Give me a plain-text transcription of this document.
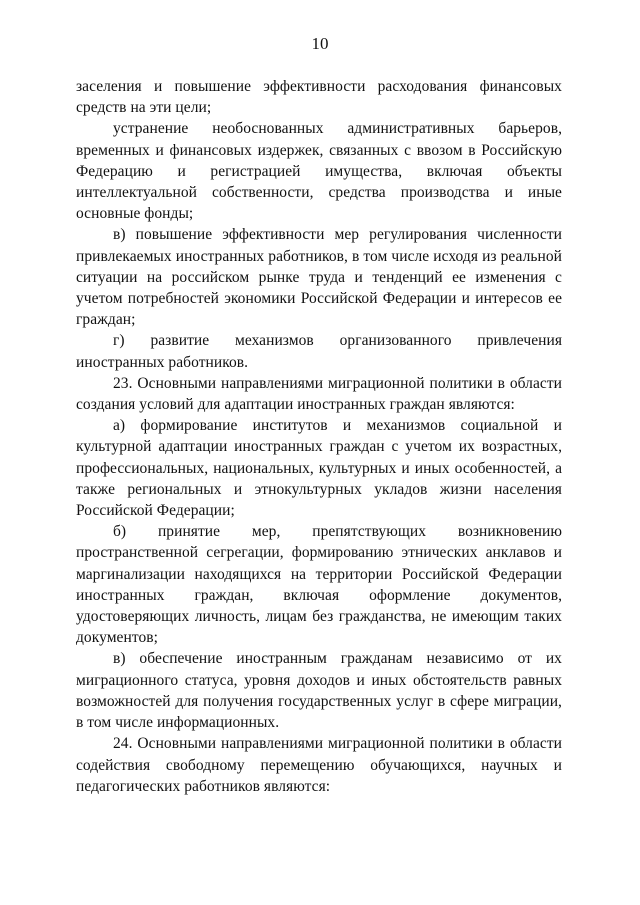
10

заселения и повышение эффективности расходования финансовых средств на эти цели;

устранение необоснованных административных барьеров, временных и финансовых издержек, связанных с ввозом в Российскую Федерацию и регистрацией имущества, включая объекты интеллектуальной собственности, средства производства и иные основные фонды;

в) повышение эффективности мер регулирования численности привлекаемых иностранных работников, в том числе исходя из реальной ситуации на российском рынке труда и тенденций ее изменения с учетом потребностей экономики Российской Федерации и интересов ее граждан;

г) развитие механизмов организованного привлечения иностранных работников.

23. Основными направлениями миграционной политики в области создания условий для адаптации иностранных граждан являются:

а) формирование институтов и механизмов социальной и культурной адаптации иностранных граждан с учетом их возрастных, профессиональных, национальных, культурных и иных особенностей, а также региональных и этнокультурных укладов жизни населения Российской Федерации;

б) принятие мер, препятствующих возникновению пространственной сегрегации, формированию этнических анклавов и маргинализации находящихся на территории Российской Федерации иностранных граждан, включая оформление документов, удостоверяющих личность, лицам без гражданства, не имеющим таких документов;

в) обеспечение иностранным гражданам независимо от их миграционного статуса, уровня доходов и иных обстоятельств равных возможностей для получения государственных услуг в сфере миграции, в том числе информационных.

24. Основными направлениями миграционной политики в области содействия свободному перемещению обучающихся, научных и педагогических работников являются:
